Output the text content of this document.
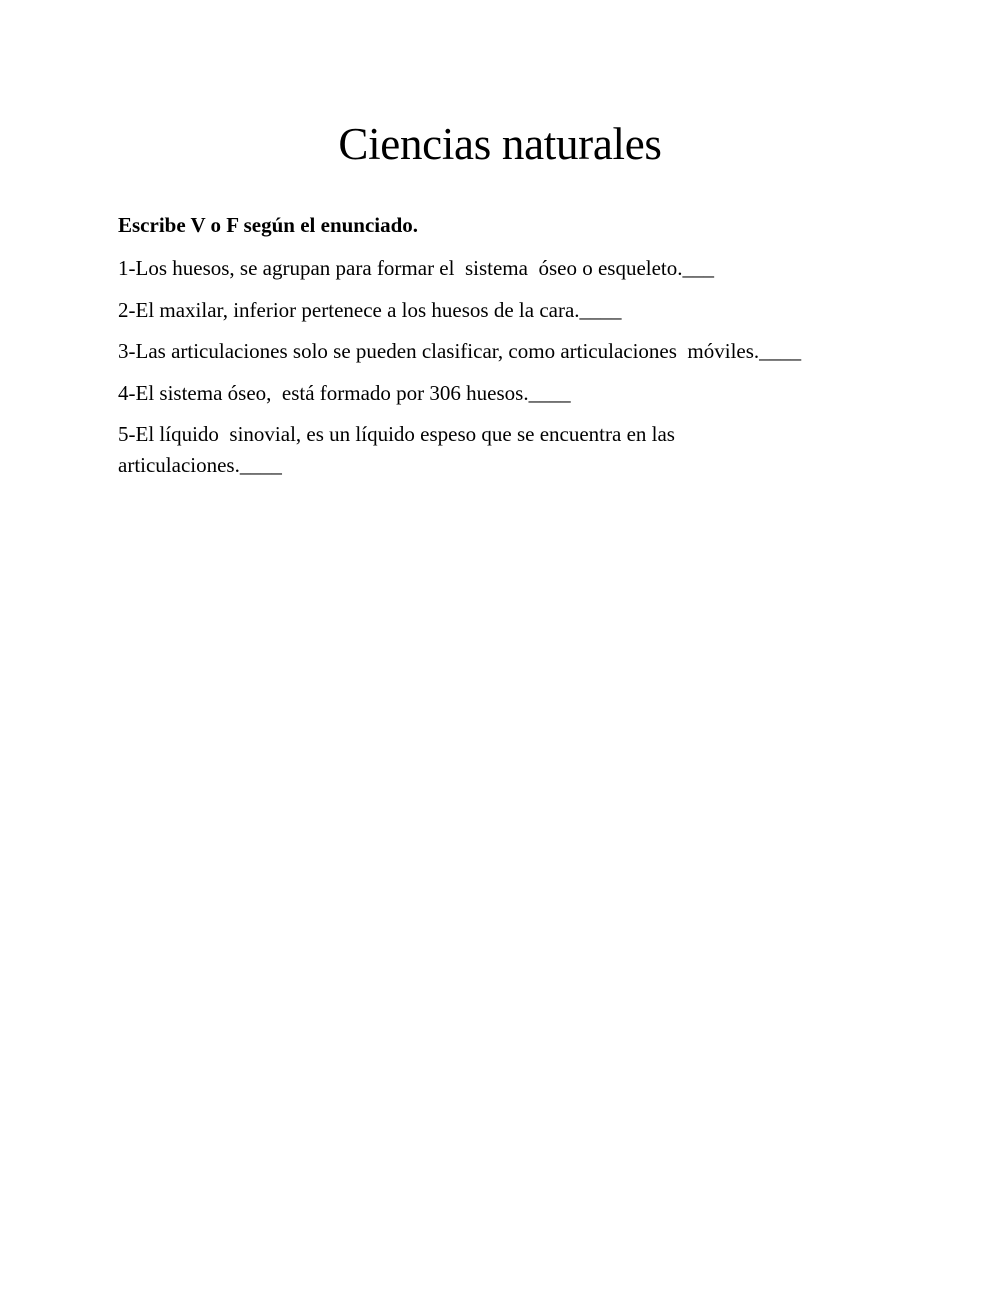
Ciencias naturales

Escribe V o F según el enunciado.

1-Los huesos, se agrupan para formar el  sistema  óseo o esqueleto.___
2-El maxilar, inferior pertenece a los huesos de la cara.____
3-Las articulaciones solo se pueden clasificar, como articulaciones  móviles.____
4-El sistema óseo,  está formado por 306 huesos.____
5-El líquido  sinovial, es un líquido espeso que se encuentra en las articulaciones.____
